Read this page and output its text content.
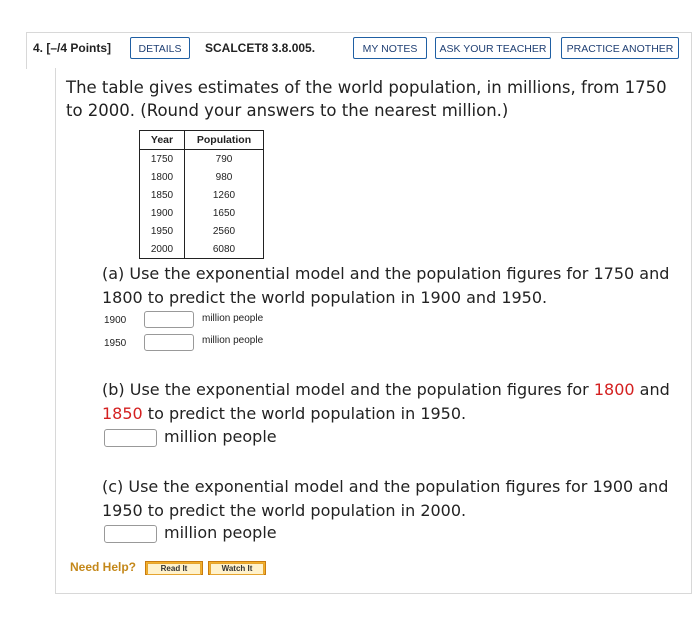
4. [–/4 Points]	DETAILS	SCALCET8 3.8.005.	MY NOTES	ASK YOUR TEACHER	PRACTICE ANOTHER
The table gives estimates of the world population, in millions, from 1750 to 2000. (Round your answers to the nearest million.)
Year	Population
1750	790
1800	980
1850	1260
1900	1650
1950	2560
2000	6080
(a) Use the exponential model and the population figures for 1750 and 1800 to predict the world population in 1900 and 1950.
1900	million people
1950	million people
(b) Use the exponential model and the population figures for 1800 and 1850 to predict the world population in 1950.
million people
(c) Use the exponential model and the population figures for 1900 and 1950 to predict the world population in 2000.
million people
Need Help?	Read It	Watch It
